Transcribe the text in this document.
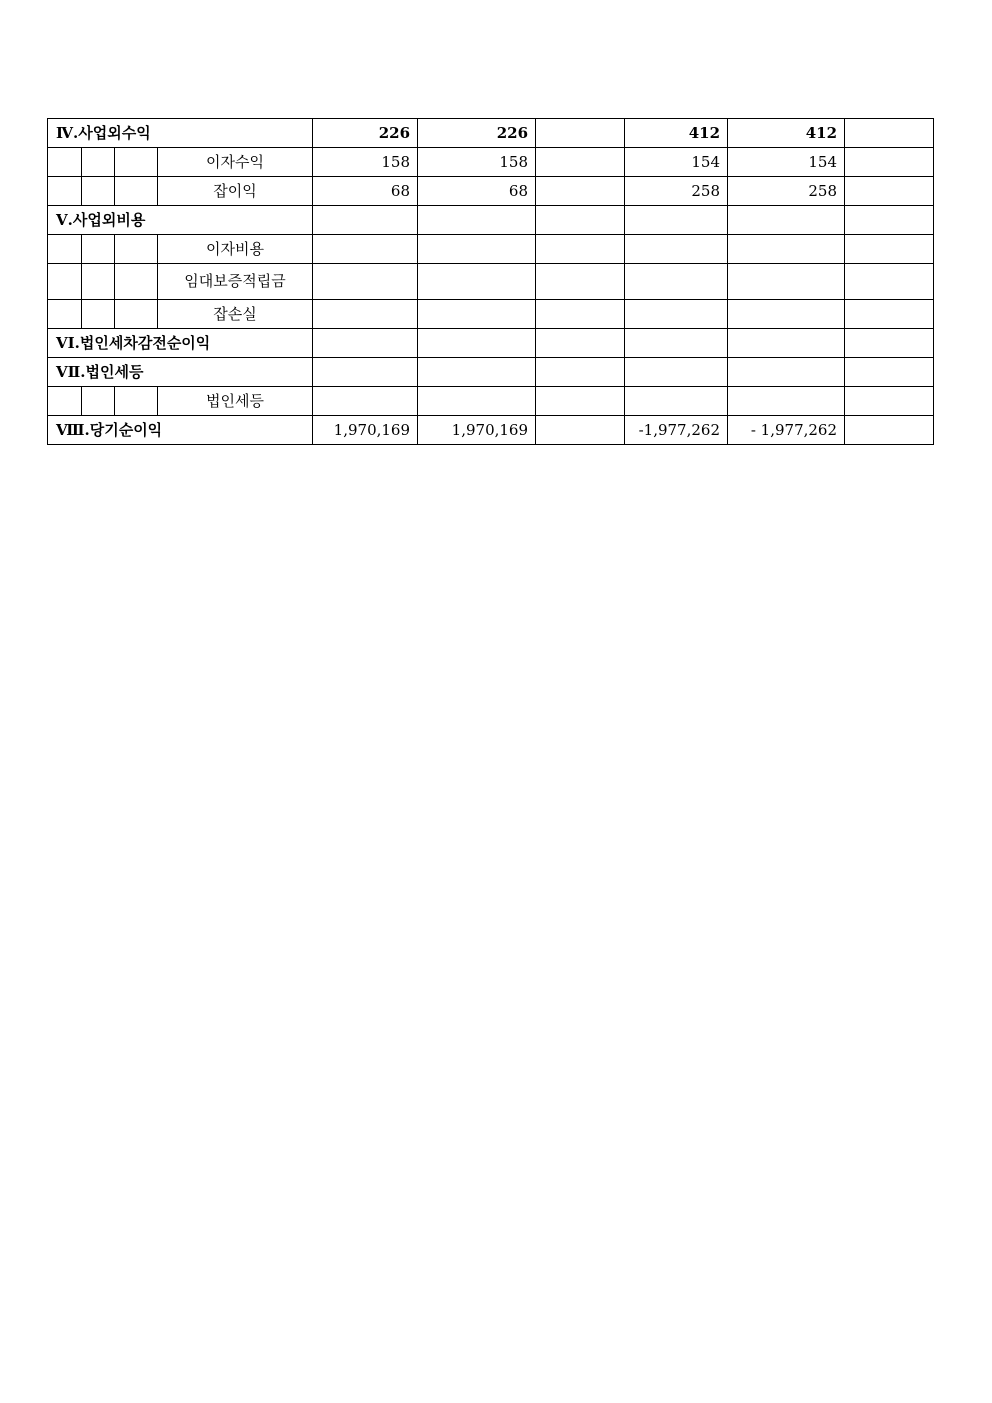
Ⅳ.사업외수익				226	226		412	412	
			이자수익	158	158		154	154	
			잡이익	68	68		258	258	
Ⅴ.사업외비용									
			이자비용						
			임대보증적립금						
			잡손실						
ⅤⅠ.법인세차감전순이익									
ⅤⅡ.법인세등									
			법인세등						
Ⅷ.당기순이익				1,970,169	1,970,169		-1,977,262	- 1,977,262	
